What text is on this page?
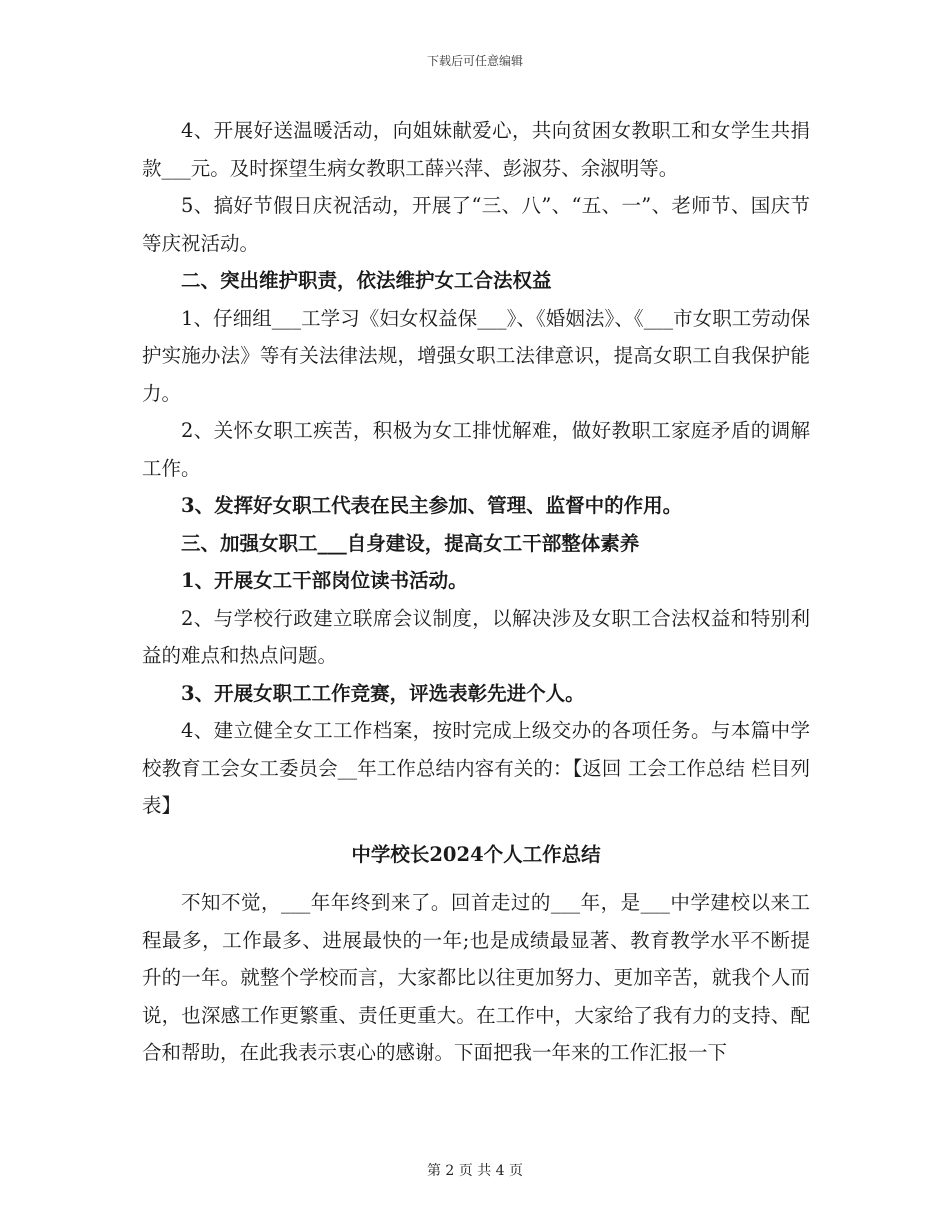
下载后可任意编辑

4、开展好送温暖活动，向姐妹献爱心，共向贫困女教职工和女学生共捐款___元。及时探望生病女教职工薛兴萍、彭淑芬、余淑明等。

5、搞好节假日庆祝活动，开展了“三、八”、“五、一”、老师节、国庆节等庆祝活动。

二、突出维护职责，依法维护女工合法权益

1、仔细组___工学习《妇女权益保___》、《婚姻法》、《___市女职工劳动保护实施办法》等有关法律法规，增强女职工法律意识，提高女职工自我保护能力。

2、关怀女职工疾苦，积极为女工排忧解难，做好教职工家庭矛盾的调解工作。

3、发挥好女职工代表在民主参加、管理、监督中的作用。

三、加强女职工___自身建设，提高女工干部整体素养

1、开展女工干部岗位读书活动。

2、与学校行政建立联席会议制度，以解决涉及女职工合法权益和特别利益的难点和热点问题。

3、开展女职工工作竞赛，评选表彰先进个人。

4、建立健全女工工作档案，按时完成上级交办的各项任务。与本篇中学校教育工会女工委员会__年工作总结内容有关的：【返回 工会工作总结 栏目列表】

中学校长2024个人工作总结

不知不觉，___年年终到来了。回首走过的___年，是___中学建校以来工程最多，工作最多、进展最快的一年;也是成绩最显著、教育教学水平不断提升的一年。就整个学校而言，大家都比以往更加努力、更加辛苦，就我个人而说，也深感工作更繁重、责任更重大。在工作中，大家给了我有力的支持、配合和帮助，在此我表示衷心的感谢。下面把我一年来的工作汇报一下

第 2 页 共 4 页
